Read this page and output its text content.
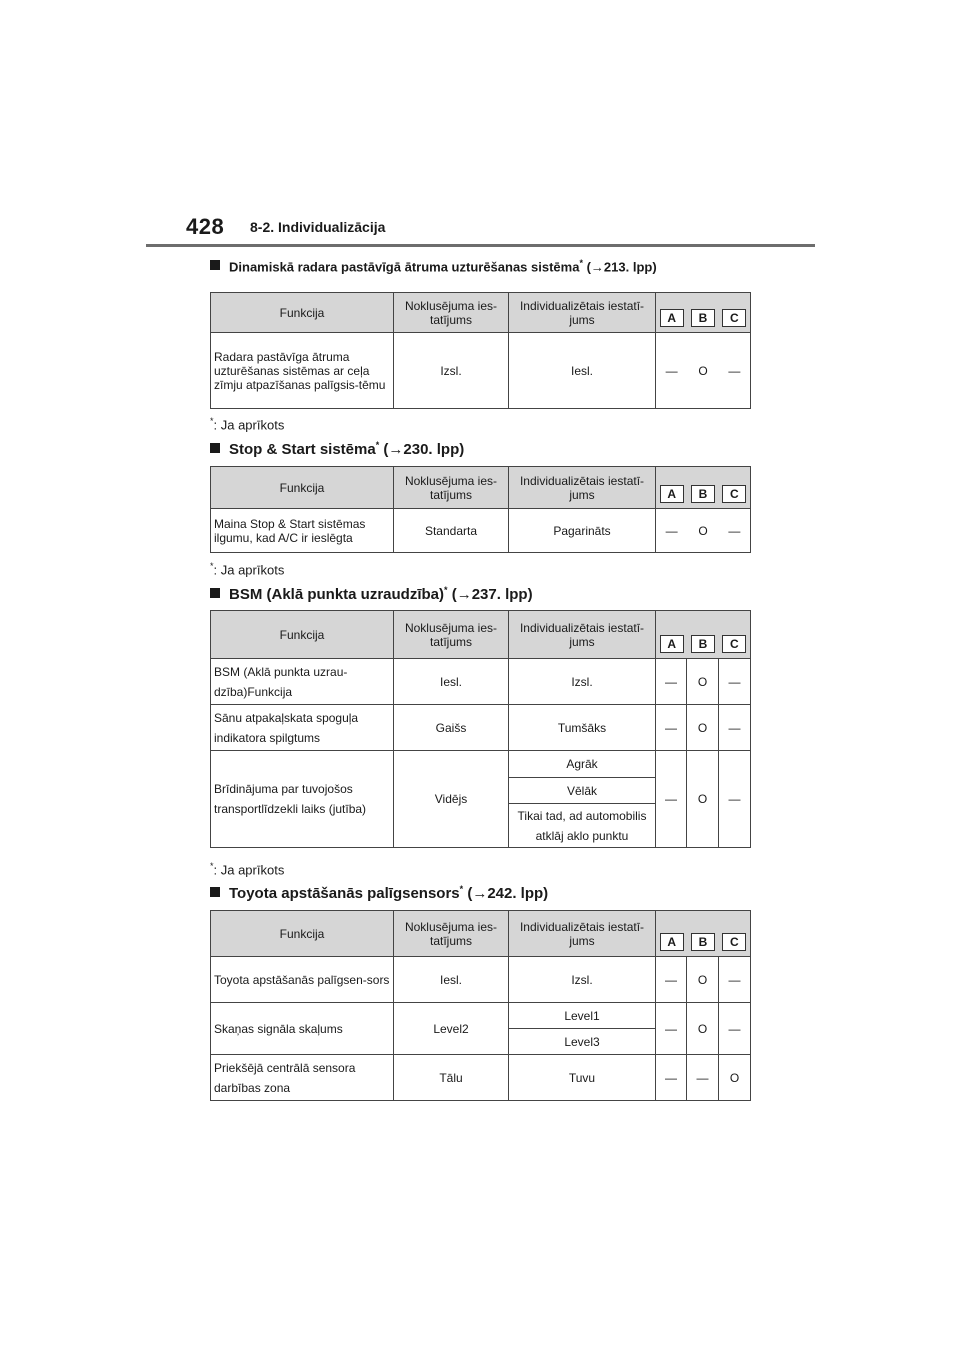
428 8-2. Individualizācija
Dinamiskā radara pastāvīgā ātruma uzturēšanas sistēma* (→213. lpp)
Funkcija	Noklusējuma ies-tatījums	Individualizētais iestatī-jums	A B C

Radara pastāvīga ātruma uzturēšanas sistēmas ar ceļa zīmju atpazīšanas palīgsis-tēmu	Izsl.	Iesl.	— O —
*: Ja aprīkots
Stop & Start sistēma* (→230. lpp)
Funkcija	Noklusējuma ies-tatījums	Individualizētais iestatī-jums	A B C

Maina Stop & Start sistēmas ilgumu, kad A/C ir ieslēgta	Standarta	Pagarināts	— O —
*: Ja aprīkots
BSM (Aklā punkta uzraudzība)* (→237. lpp)
Funkcija	Noklusējuma ies-tatījums	Individualizētais iestatī-jums	A B C		

BSM (Aklā punkta uzrau-dzība)Funkcija	Iesl.	Izsl.	—	O	—
Sānu atpakaļskata spoguļa indikatora spilgtums	Gaišs	Tumšāks	—	O	—
Brīdinājuma par tuvojošos transportlīdzekli laiks (jutība)	Vidējs	Agrāk	—	O	—
		Vēlāk			
		Tikai tad, ad automobilis atklāj aklo punktu			
*: Ja aprīkots
Toyota apstāšanās palīgsensors* (→242. lpp)
Funkcija	Noklusējuma ies-tatījums	Individualizētais iestatī-jums	A B C		

Toyota apstāšanās palīgsen-sors	Iesl.	Izsl.	—	O	—
Skaņas signāla skaļums	Level2	Level1	—	O	—
		Level3			
Priekšējā centrālā sensora darbības zona	Tālu	Tuvu	—	—	O
